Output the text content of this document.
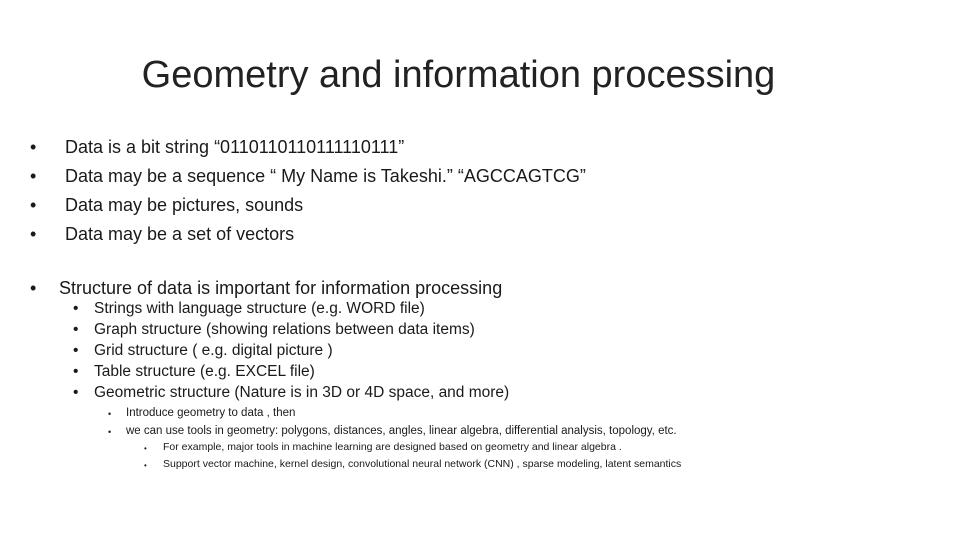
Geometry and information processing
• Data is a bit string “0110110110111110111”
• Data may be a sequence “ My Name is Takeshi.” “AGCCAGTCG”
• Data may be pictures, sounds
• Data may be a set of vectors
• Structure of data is important for information processing
• Strings with language structure (e.g. WORD file)
• Graph structure (showing relations between data items)
• Grid structure ( e.g. digital picture )
• Table structure (e.g. EXCEL file)
• Geometric structure (Nature is in 3D or 4D space, and more)
• Introduce geometry to data , then
• we can use tools in geometry: polygons, distances, angles, linear algebra, differential analysis, topology, etc.
• For example, major tools in machine learning are designed based on geometry and linear algebra .
• Support vector machine, kernel design, convolutional neural network (CNN) , sparse modeling, latent semantics
